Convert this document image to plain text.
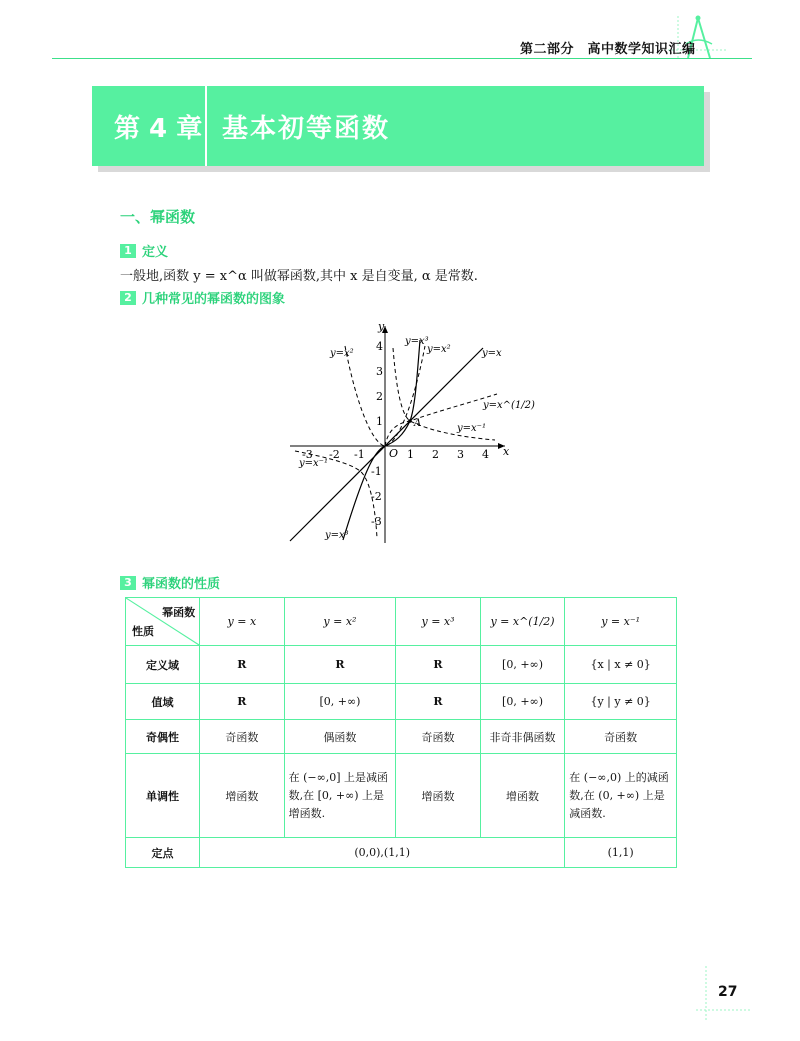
第二部分　高中数学知识汇编
第 4 章 基本初等函数
一、幂函数
1 定义
一般地,函数 y = x^α 叫做幂函数,其中 x 是自变量, α 是常数.
2 几种常见的幂函数的图象
x
y
O
-3 -2 -1	1 2 3 4
4
3
2
1
-1
-2
-3
A
y=x²
y=x³
y=x²	y=x
y=x^(1/2)
y=x⁻¹
y=x⁻¹
y=x³
3 幂函数的性质
幂函数
性质	y = x	y = x²	y = x³	y = x^(1/2)	y = x⁻¹
定义域	R	R	R	[0, +∞)	{x | x ≠ 0}
值域	R	[0, +∞)	R	[0, +∞)	{y | y ≠ 0}
奇偶性	奇函数	偶函数	奇函数	非奇非偶函数	奇函数
单调性	增函数	在 (−∞,0] 上是减函数,在 [0, +∞) 上是增函数.	增函数	增函数	在 (−∞,0) 上的减函数,在 (0, +∞) 上是减函数.
定点	(0,0),(1,1)				(1,1)
27
